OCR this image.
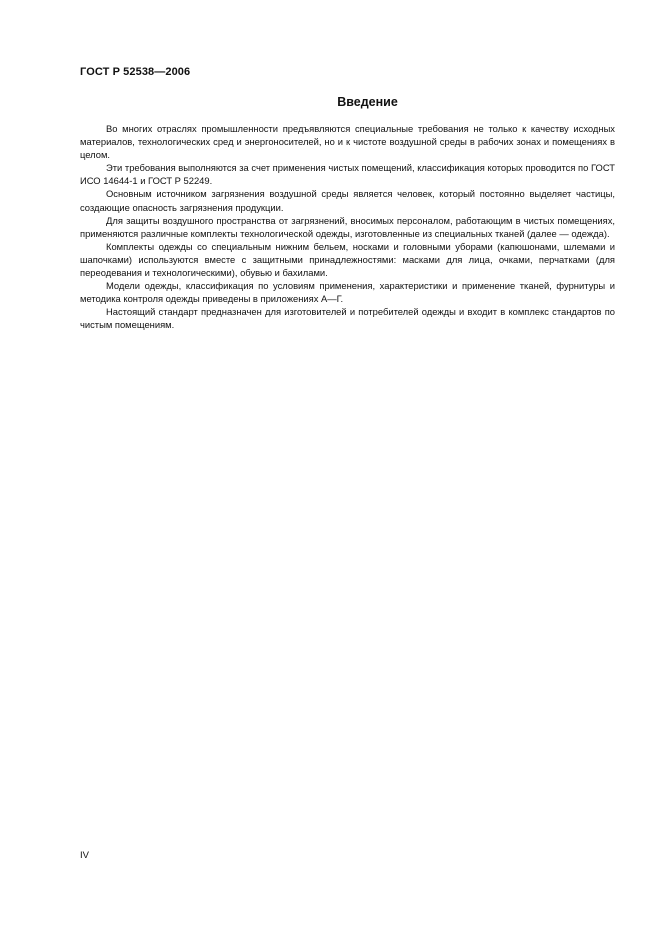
ГОСТ Р 52538—2006
Введение

Во многих отраслях промышленности предъявляются специальные требования не только к качеству исходных материалов, технологических сред и энергоносителей, но и к чистоте воздушной среды в рабочих зонах и помещениях в целом.

Эти требования выполняются за счет применения чистых помещений, классификация которых проводится по ГОСТ ИСО 14644-1 и ГОСТ Р 52249.

Основным источником загрязнения воздушной среды является человек, который постоянно выделяет частицы, создающие опасность загрязнения продукции.

Для защиты воздушного пространства от загрязнений, вносимых персоналом, работающим в чистых помещениях, применяются различные комплекты технологической одежды, изготовленные из специальных тканей (далее — одежда).

Комплекты одежды со специальным нижним бельем, носками и головными уборами (капюшонами, шлемами и шапочками) используются вместе с защитными принадлежностями: масками для лица, очками, перчатками (для переодевания и технологическими), обувью и бахилами.

Модели одежды, классификация по условиям применения, характеристики и применение тканей, фурнитуры и методика контроля одежды приведены в приложениях А—Г.

Настоящий стандарт предназначен для изготовителей и потребителей одежды и входит в комплекс стандартов по чистым помещениям.

IV
